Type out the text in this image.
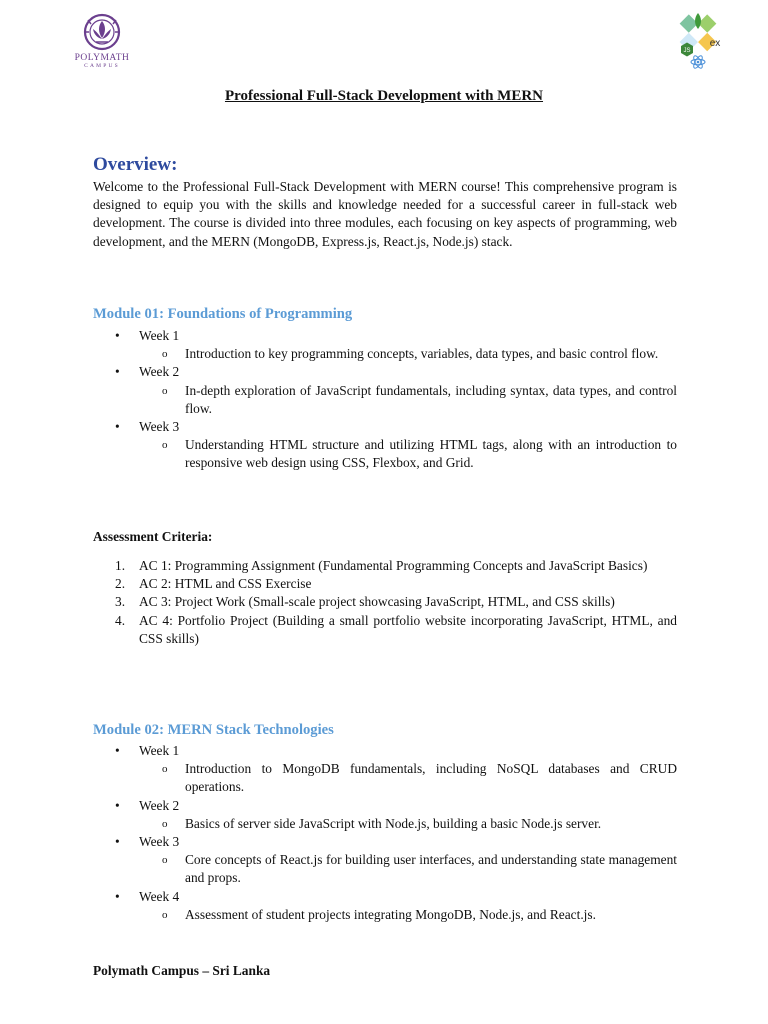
POLYMATH
CAMPUS
JS
ex
Professional Full-Stack Development with MERN
Overview:
Welcome to the Professional Full-Stack Development with MERN course! This comprehensive program is designed to equip you with the skills and knowledge needed for a successful career in full-stack web development. The course is divided into three modules, each focusing on key aspects of programming, web development, and the MERN (MongoDB, Express.js, React.js, Node.js) stack.
Module 01: Foundations of Programming
• Week 1
o Introduction to key programming concepts, variables, data types, and basic control flow.
• Week 2
o In-depth exploration of JavaScript fundamentals, including syntax, data types, and control flow.
• Week 3
o Understanding HTML structure and utilizing HTML tags, along with an introduction to responsive web design using CSS, Flexbox, and Grid.
Assessment Criteria:
1. AC 1: Programming Assignment (Fundamental Programming Concepts and JavaScript Basics)
2. AC 2: HTML and CSS Exercise
3. AC 3: Project Work (Small-scale project showcasing JavaScript, HTML, and CSS skills)
4. AC 4: Portfolio Project (Building a small portfolio website incorporating JavaScript, HTML, and CSS skills)
Module 02: MERN Stack Technologies
• Week 1
o Introduction to MongoDB fundamentals, including NoSQL databases and CRUD operations.
• Week 2
o Basics of server side JavaScript with Node.js, building a basic Node.js server.
• Week 3
o Core concepts of React.js for building user interfaces, and understanding state management and props.
• Week 4
o Assessment of student projects integrating MongoDB, Node.js, and React.js.
Polymath Campus – Sri Lanka
